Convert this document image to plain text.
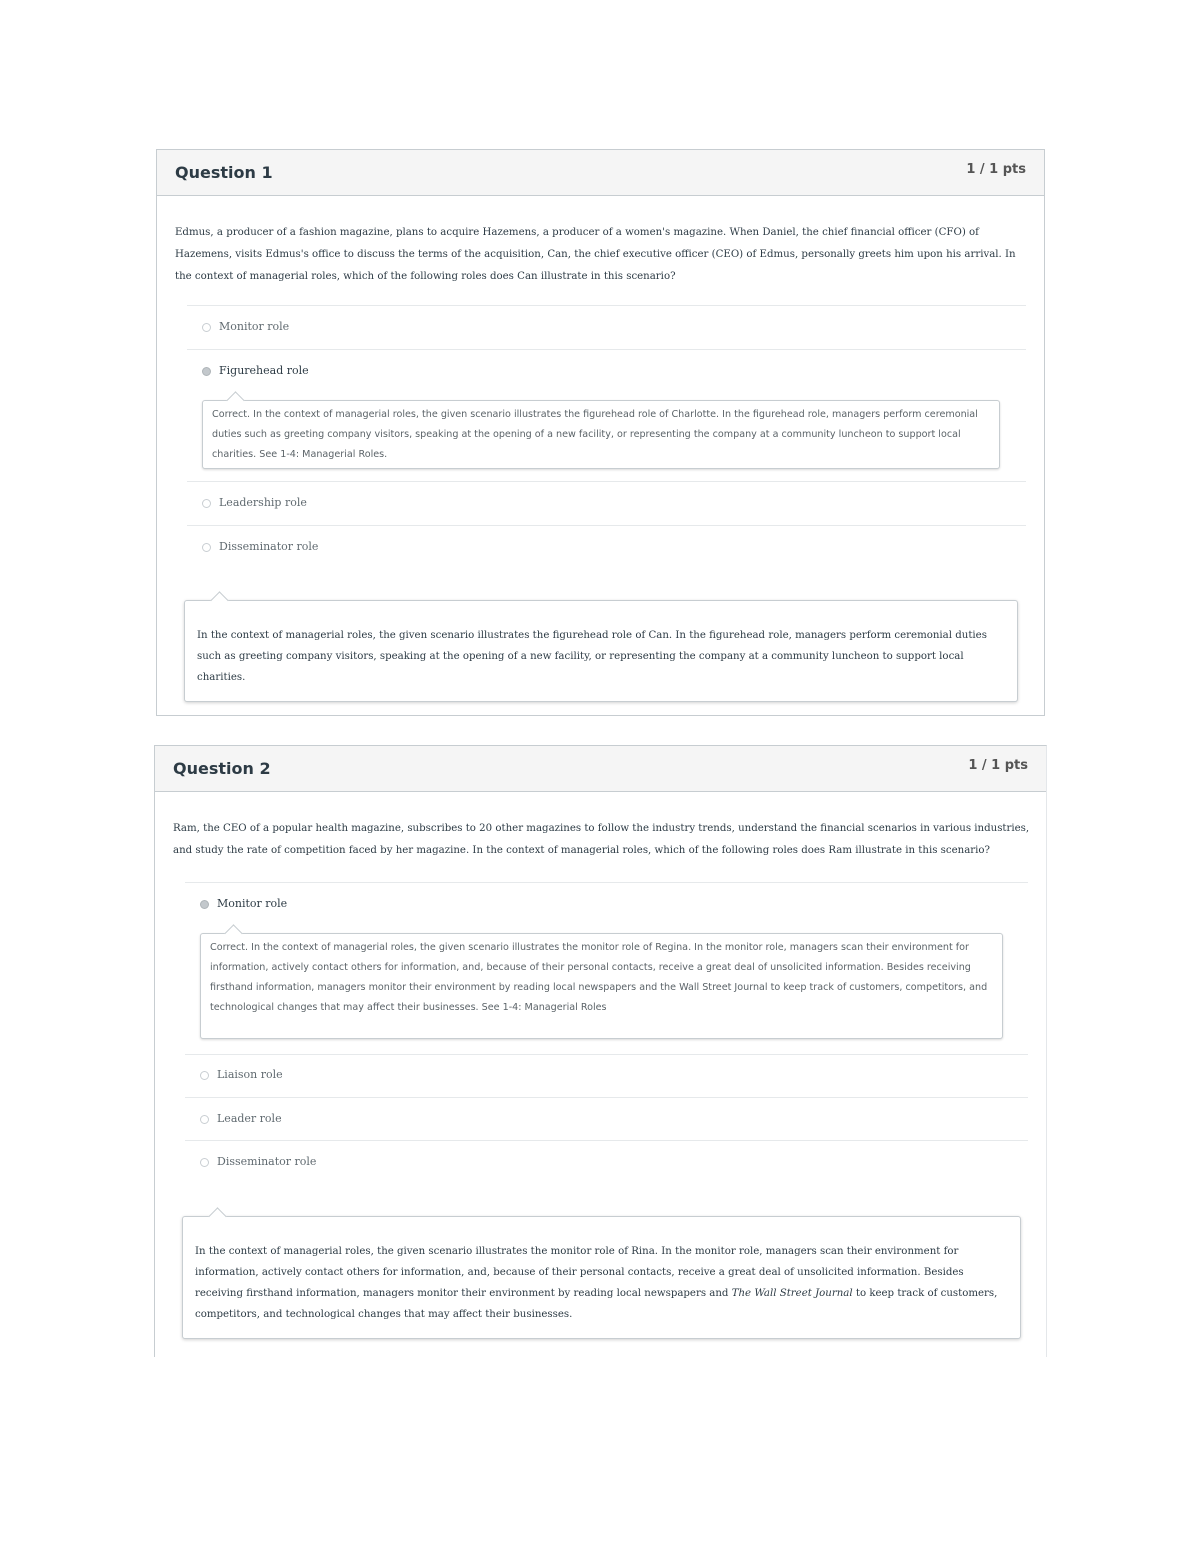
Question 1	1 / 1 pts
Edmus, a producer of a fashion magazine, plans to acquire Hazemens, a producer of a women's magazine. When Daniel, the chief financial officer (CFO) of Hazemens, visits Edmus's office to discuss the terms of the acquisition, Can, the chief executive officer (CEO) of Edmus, personally greets him upon his arrival. In the context of managerial roles, which of the following roles does Can illustrate in this scenario?
Monitor role
Figurehead role
Correct. In the context of managerial roles, the given scenario illustrates the figurehead role of Charlotte. In the figurehead role, managers perform ceremonial duties such as greeting company visitors, speaking at the opening of a new facility, or representing the company at a community luncheon to support local charities. See 1-4: Managerial Roles.
Leadership role
Disseminator role
In the context of managerial roles, the given scenario illustrates the figurehead role of Can. In the figurehead role, managers perform ceremonial duties such as greeting company visitors, speaking at the opening of a new facility, or representing the company at a community luncheon to support local charities.
Question 2	1 / 1 pts
Ram, the CEO of a popular health magazine, subscribes to 20 other magazines to follow the industry trends, understand the financial scenarios in various industries, and study the rate of competition faced by her magazine. In the context of managerial roles, which of the following roles does Ram illustrate in this scenario?
Monitor role
Correct. In the context of managerial roles, the given scenario illustrates the monitor role of Regina. In the monitor role, managers scan their environment for information, actively contact others for information, and, because of their personal contacts, receive a great deal of unsolicited information. Besides receiving firsthand information, managers monitor their environment by reading local newspapers and the Wall Street Journal to keep track of customers, competitors, and technological changes that may affect their businesses. See 1-4: Managerial Roles
Liaison role
Leader role
Disseminator role
In the context of managerial roles, the given scenario illustrates the monitor role of Rina. In the monitor role, managers scan their environment for information, actively contact others for information, and, because of their personal contacts, receive a great deal of unsolicited information. Besides receiving firsthand information, managers monitor their environment by reading local newspapers and The Wall Street Journal to keep track of customers, competitors, and technological changes that may affect their businesses.
